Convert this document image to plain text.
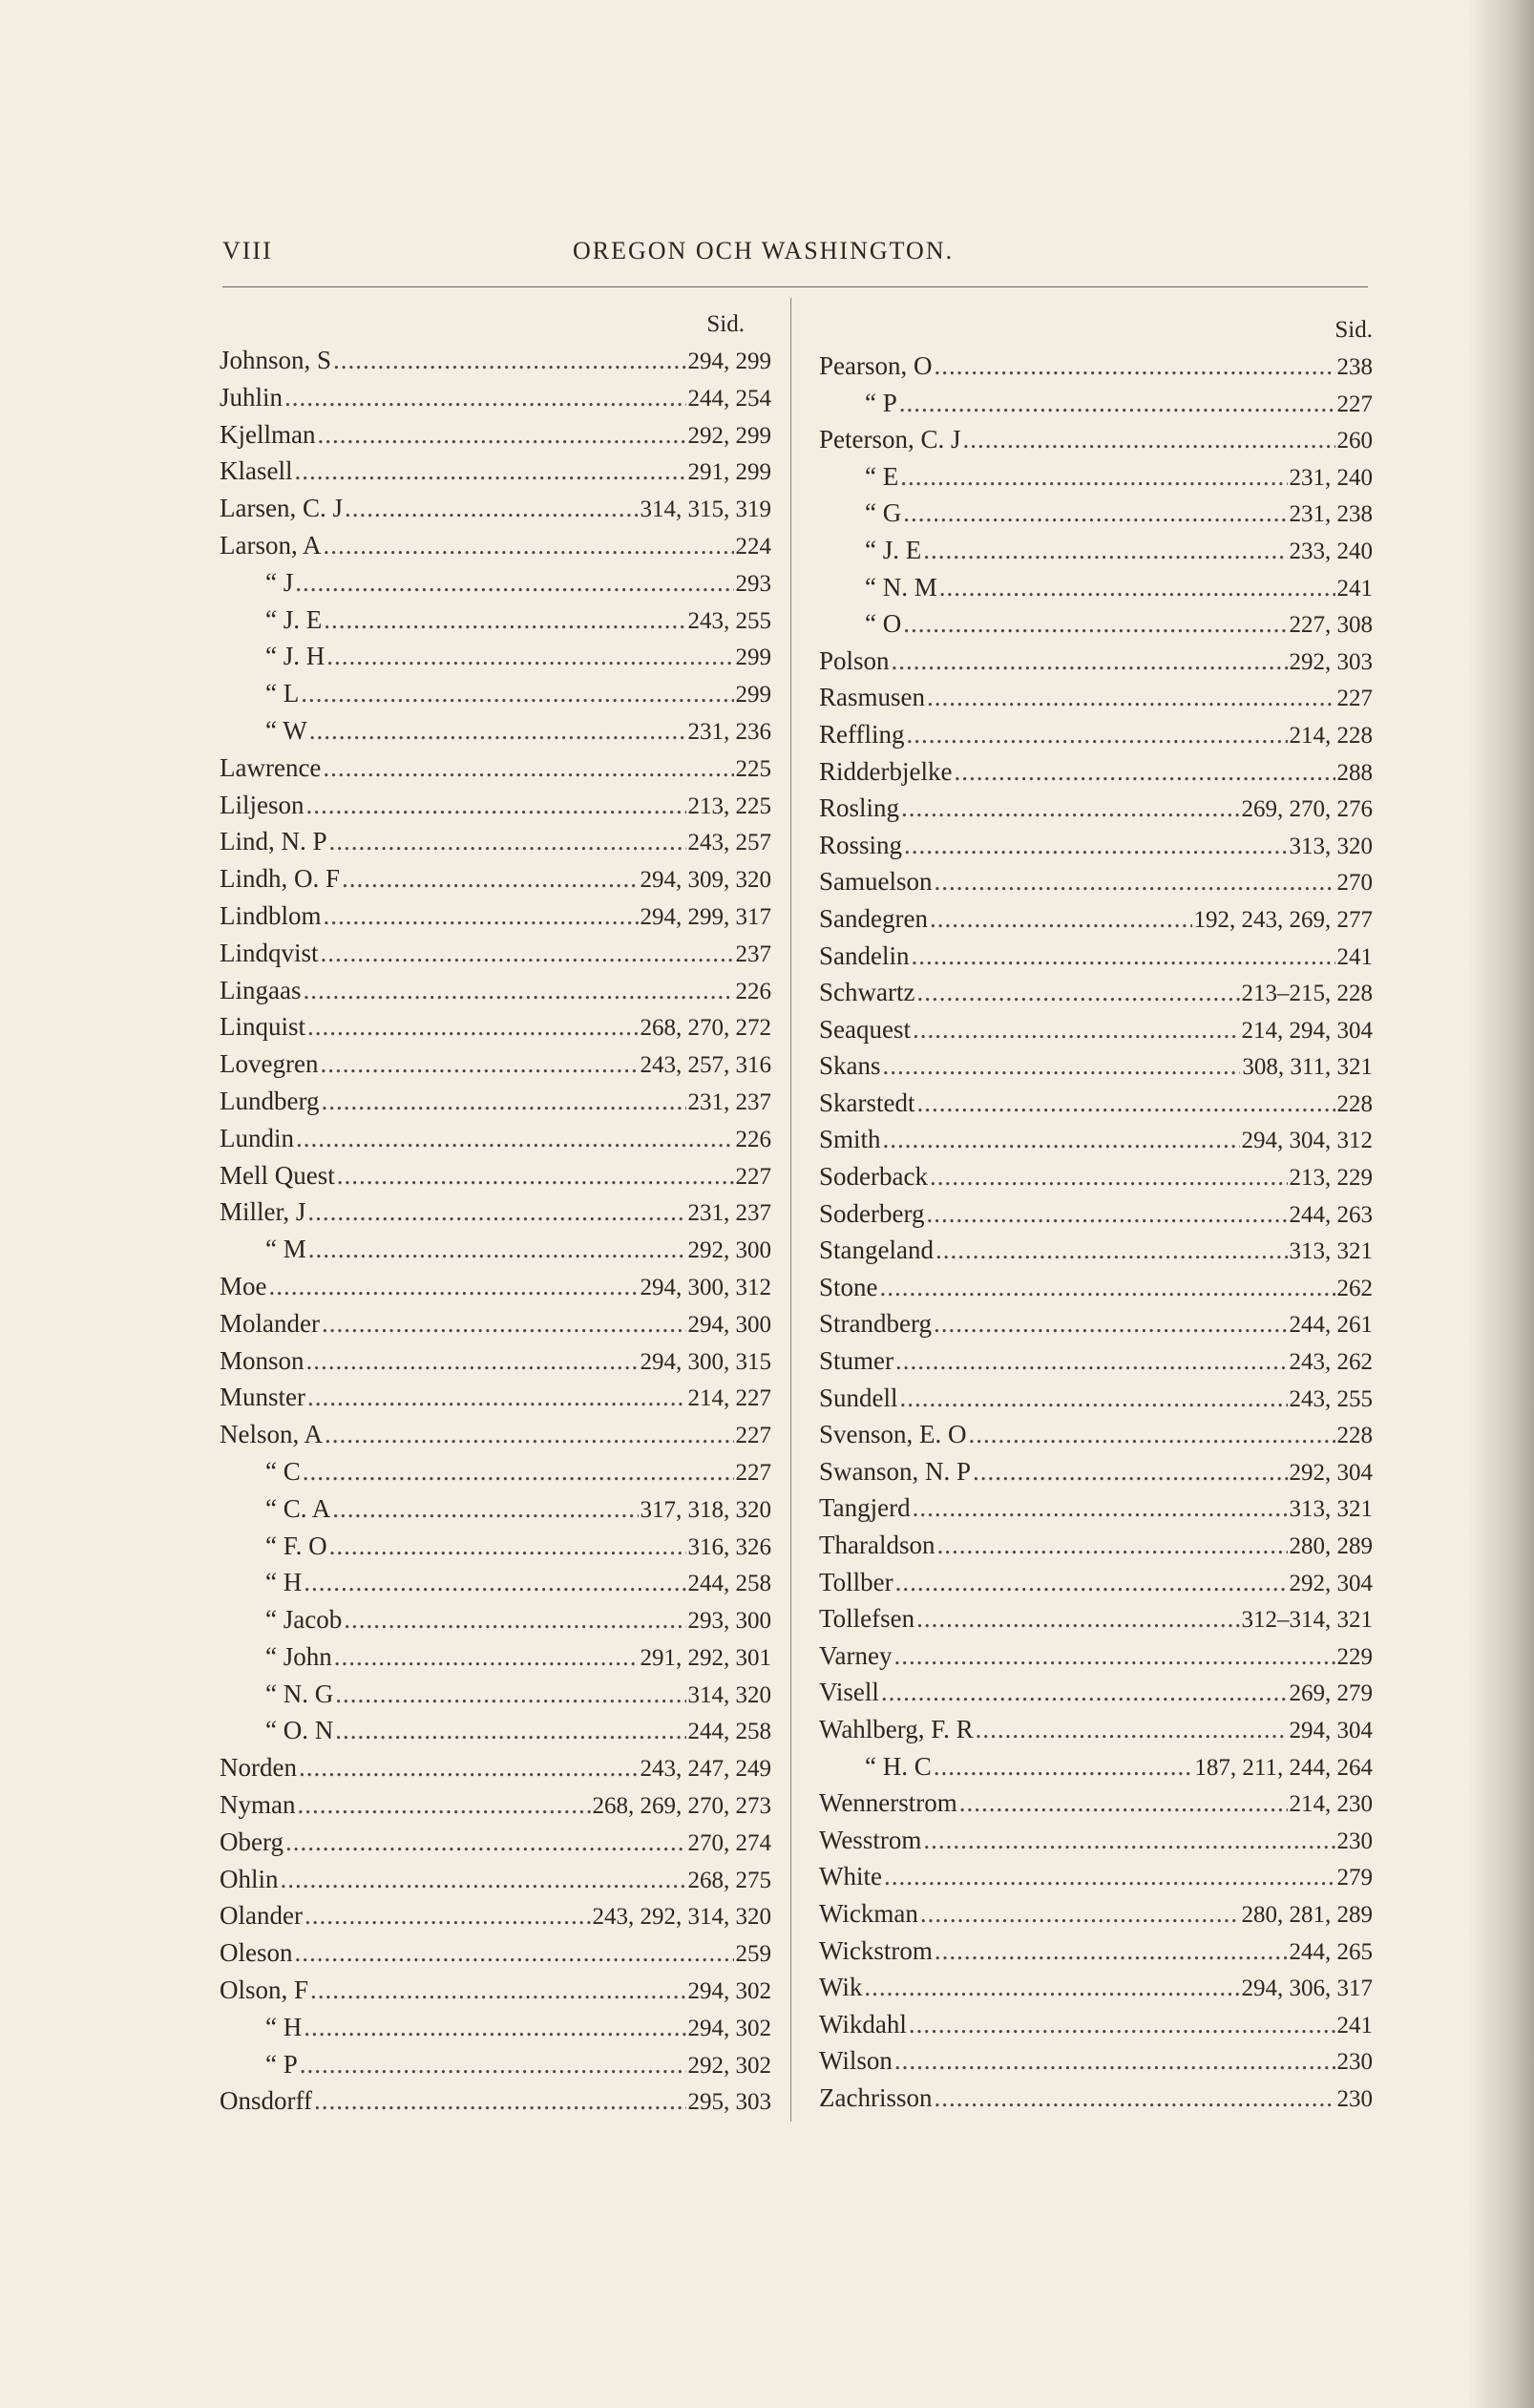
VIII	OREGON OCH WASHINGTON.
Sid.
Johnson, S .....	294, 299
Juhlin .....	244, 254
Kjellman .....	292, 299
Klasell .....	291, 299
Larsen, C. J .....	314, 315, 319
Larson, A .....	224
“ J .....	293
“ J. E .....	243, 255
“ J. H .....	299
“ L .....	299
“ W .....	231, 236
Lawrence .....	225
Liljeson .....	213, 225
Lind, N. P .....	243, 257
Lindh, O. F .....	294, 309, 320
Lindblom .....	294, 299, 317
Lindqvist .....	237
Lingaas .....	226
Linquist .....	268, 270, 272
Lovegren .....	243, 257, 316
Lundberg .....	231, 237
Lundin .....	226
Mell Quest .....	227
Miller, J .....	231, 237
“ M .....	292, 300
Moe .....	294, 300, 312
Molander .....	294, 300
Monson .....	294, 300, 315
Munster .....	214, 227
Nelson, A .....	227
“ C .....	227
“ C. A .....	317, 318, 320
“ F. O .....	316, 326
“ H .....	244, 258
“ Jacob .....	293, 300
“ John .....	291, 292, 301
“ N. G .....	314, 320
“ O. N .....	244, 258
Norden .....	243, 247, 249
Nyman .....	268, 269, 270, 273
Oberg .....	270, 274
Ohlin .....	268, 275
Olander .....	243, 292, 314, 320
Oleson .....	259
Olson, F .....	294, 302
“ H .....	294, 302
“ P .....	292, 302
Onsdorff .....	295, 303
Sid.
Pearson, O .....	238
“ P .....	227
Peterson, C. J .....	260
“ E .....	231, 240
“ G .....	231, 238
“ J. E .....	233, 240
“ N. M .....	241
“ O .....	227, 308
Polson .....	292, 303
Rasmusen .....	227
Reffling .....	214, 228
Ridderbjelke .....	288
Rosling .....	269, 270, 276
Rossing .....	313, 320
Samuelson .....	270
Sandegren .....	192, 243, 269, 277
Sandelin .....	241
Schwartz .....	213–215, 228
Seaquest .....	214, 294, 304
Skans .....	308, 311, 321
Skarstedt .....	228
Smith .....	294, 304, 312
Soderback .....	213, 229
Soderberg .....	244, 263
Stangeland .....	313, 321
Stone .....	262
Strandberg .....	244, 261
Stumer .....	243, 262
Sundell .....	243, 255
Svenson, E. O .....	228
Swanson, N. P .....	292, 304
Tangjerd .....	313, 321
Tharaldson .....	280, 289
Tollber .....	292, 304
Tollefsen .....	312–314, 321
Varney .....	229
Visell .....	269, 279
Wahlberg, F. R .....	294, 304
“ H. C .....	187, 211, 244, 264
Wennerstrom .....	214, 230
Wesstrom .....	230
White .....	279
Wickman .....	280, 281, 289
Wickstrom .....	244, 265
Wik .....	294, 306, 317
Wikdahl .....	241
Wilson .....	230
Zachrisson .....	230
